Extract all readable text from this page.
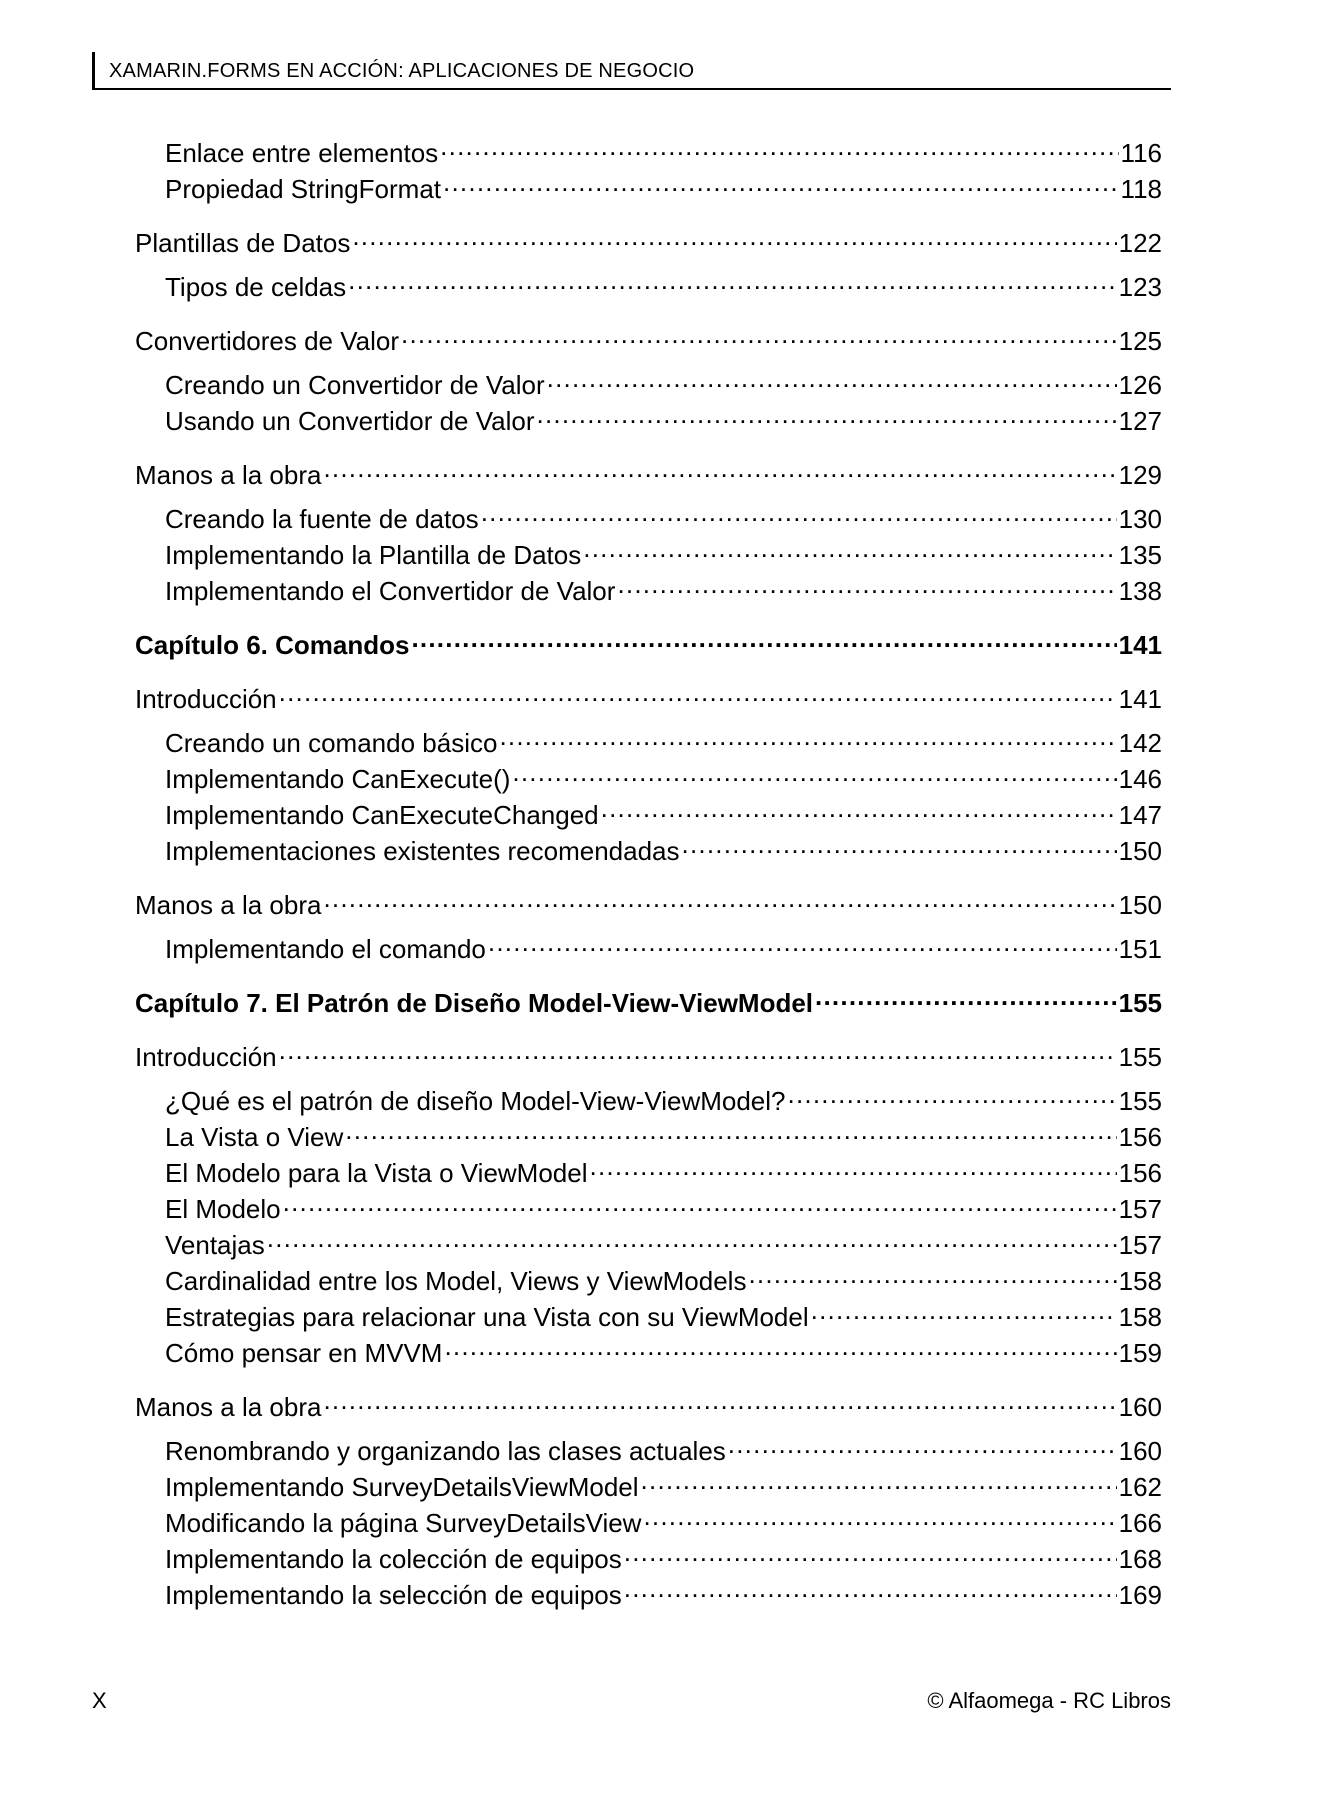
XAMARIN.FORMS EN ACCIÓN: APLICACIONES DE NEGOCIO
Enlace entre elementos . . .	116
Propiedad StringFormat . . .	118
Plantillas de Datos . . .	122
Tipos de celdas . . .	123
Convertidores de Valor . . .	125
Creando un Convertidor de Valor . . .	126
Usando un Convertidor de Valor . . .	127
Manos a la obra . . .	129
Creando la fuente de datos . . .	130
Implementando la Plantilla de Datos . . .	135
Implementando el Convertidor de Valor . . .	138
Capítulo 6. Comandos . . .	141
Introducción . . .	141
Creando un comando básico . . .	142
Implementando CanExecute() . . .	146
Implementando CanExecuteChanged . . .	147
Implementaciones existentes recomendadas . . .	150
Manos a la obra . . .	150
Implementando el comando . . .	151
Capítulo 7. El Patrón de Diseño Model-View-ViewModel . . .	155
Introducción . . .	155
¿Qué es el patrón de diseño Model-View-ViewModel? . . .	155
La Vista o View . . .	156
El Modelo para la Vista o ViewModel . . .	156
El Modelo . . .	157
Ventajas . . .	157
Cardinalidad entre los Model, Views y ViewModels . . .	158
Estrategias para relacionar una Vista con su ViewModel . . .	158
Cómo pensar en MVVM . . .	159
Manos a la obra . . .	160
Renombrando y organizando las clases actuales . . .	160
Implementando SurveyDetailsViewModel . . .	162
Modificando la página SurveyDetailsView . . .	166
Implementando la colección de equipos . . .	168
Implementando la selección de equipos . . .	169
X	© Alfaomega - RC Libros
